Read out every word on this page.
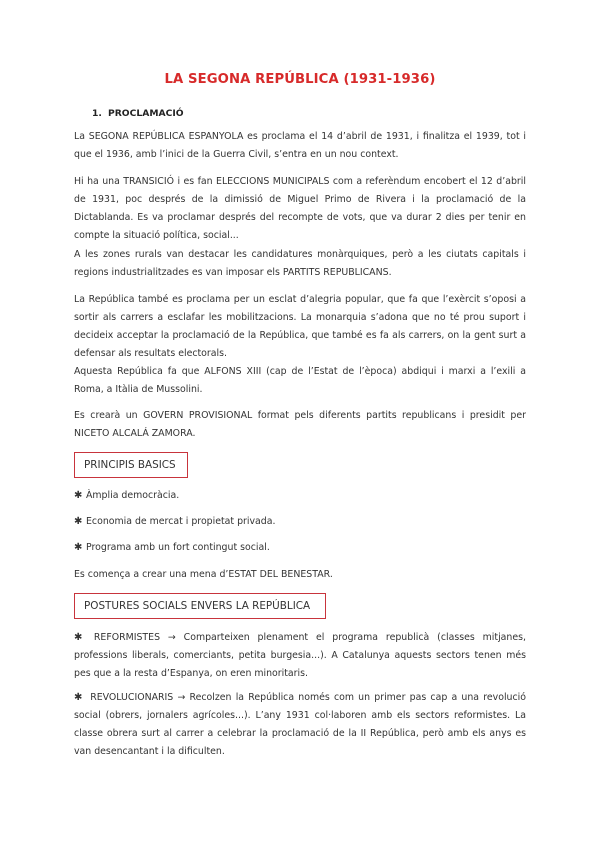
LA SEGONA REPÚBLICA (1931-1936)
1. PROCLAMACIÓ

La SEGONA REPÚBLICA ESPANYOLA es proclama el 14 d’abril de 1931, i finalitza el 1939, tot i que el 1936, amb l’inici de la Guerra Civil, s’entra en un nou context.

Hi ha una TRANSICIÓ i es fan ELECCIONS MUNICIPALS com a referèndum encobert el 12 d’abril de 1931, poc després de la dimissió de Miguel Primo de Rivera i la proclamació de la Dictablanda. Es va proclamar després del recompte de vots, que va durar 2 dies per tenir en compte la situació política, social...

A les zones rurals van destacar les candidatures monàrquiques, però a les ciutats capitals i regions industrialitzades es van imposar els PARTITS REPUBLICANS.

La República també es proclama per un esclat d’alegria popular, que fa que l’exèrcit s’oposi a sortir als carrers a esclafar les mobilitzacions. La monarquia s’adona que no té prou suport i decideix acceptar la proclamació de la República, que també es fa als carrers, on la gent surt a defensar als resultats electorals.

Aquesta República fa que ALFONS XIII (cap de l’Estat de l’època) abdiqui i marxi a l’exili a Roma, a Itàlia de Mussolini.

Es crearà un GOVERN PROVISIONAL format pels diferents partits republicans i presidit per NICETO ALCALÁ ZAMORA.

PRINCIPIS BASICS

✱ Àmplia democràcia.

✱ Economia de mercat i propietat privada.

✱ Programa amb un fort contingut social.

Es comença a crear una mena d’ESTAT DEL BENESTAR.

POSTURES SOCIALS ENVERS LA REPÚBLICA

✱ REFORMISTES → Comparteixen plenament el programa republicà (classes mitjanes, professions liberals, comerciants, petita burgesia...). A Catalunya aquests sectors tenen més pes que a la resta d’Espanya, on eren minoritaris.

✱ REVOLUCIONARIS → Recolzen la República només com un primer pas cap a una revolució social (obrers, jornalers agrícoles...). L’any 1931 col·laboren amb els sectors reformistes. La classe obrera surt al carrer a celebrar la proclamació de la II República, però amb els anys es van desencantant i la dificulten.
